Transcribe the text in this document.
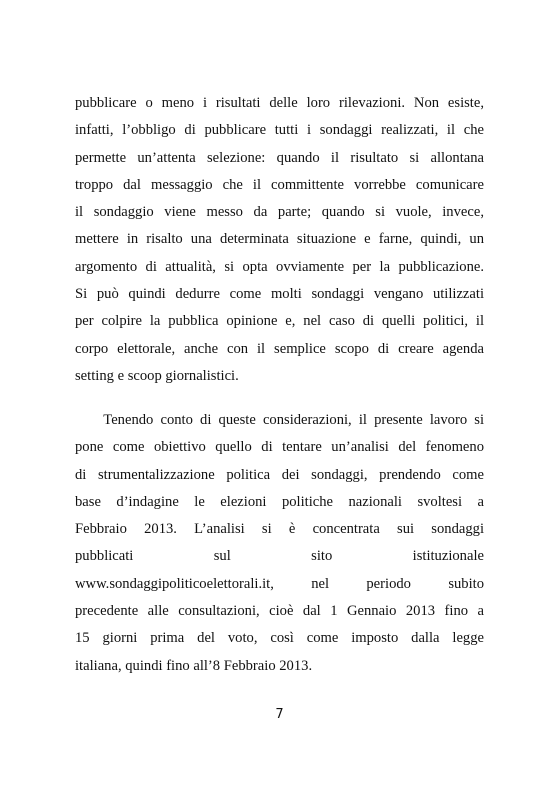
pubblicare o meno i risultati delle loro rilevazioni. Non esiste,
infatti, l’obbligo di pubblicare tutti i sondaggi realizzati, il che
permette un’attenta selezione: quando il risultato si allontana
troppo dal messaggio che il committente vorrebbe comunicare
il sondaggio viene messo da parte; quando si vuole, invece,
mettere in risalto una determinata situazione e farne, quindi, un
argomento di attualità, si opta ovviamente per la pubblicazione.
Si può quindi dedurre come molti sondaggi vengano utilizzati
per colpire la pubblica opinione e, nel caso di quelli politici, il
corpo elettorale, anche con il semplice scopo di creare agenda
setting e scoop giornalistici.
Tenendo conto di queste considerazioni, il presente lavoro si
pone come obiettivo quello di tentare un’analisi del fenomeno
di strumentalizzazione politica dei sondaggi, prendendo come
base d’indagine le elezioni politiche nazionali svoltesi a
Febbraio 2013. L’analisi si è concentrata sui sondaggi
pubblicati sul sito istituzionale
www.sondaggipoliticoelettorali.it, nel periodo subito
precedente alle consultazioni, cioè dal 1 Gennaio 2013 fino a
15 giorni prima del voto, così come imposto dalla legge
italiana, quindi fino all’8 Febbraio 2013.
7
